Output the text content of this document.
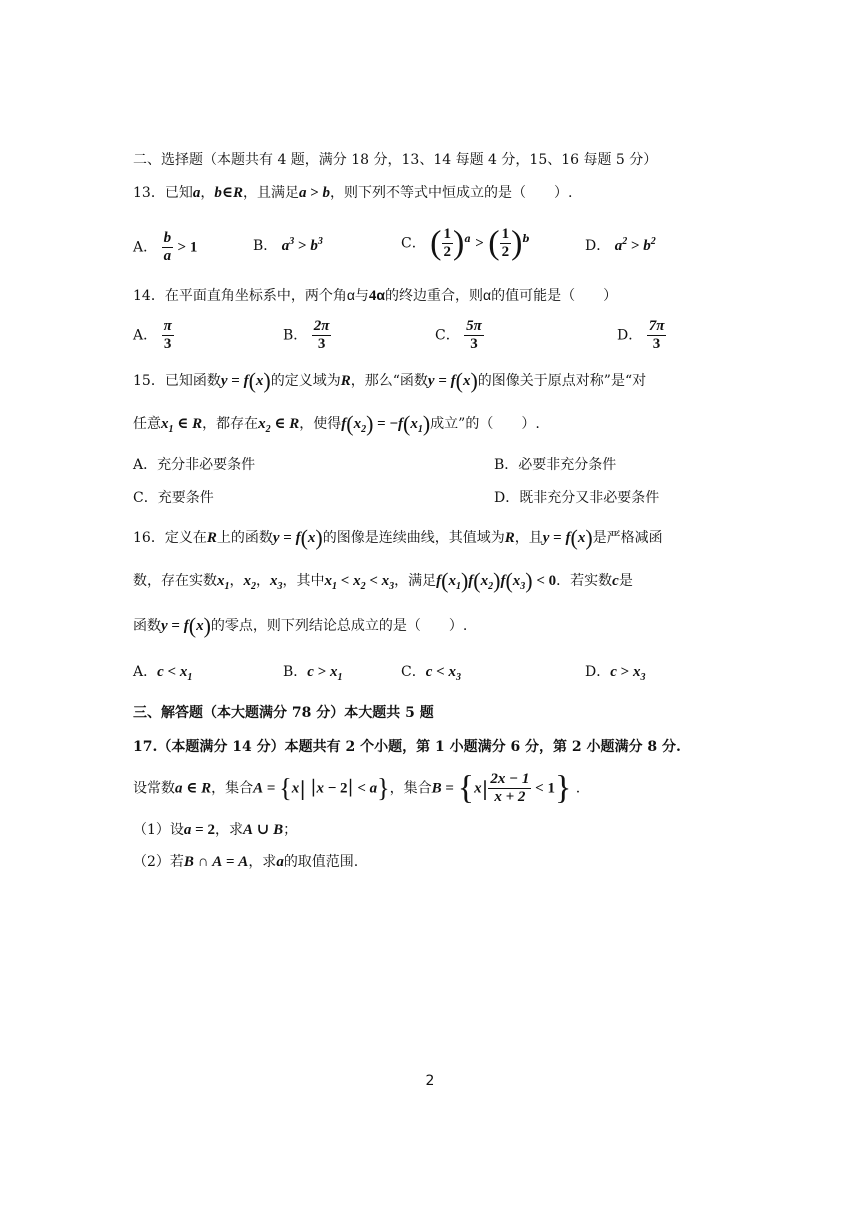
二、选择题（本题共有 4 题，满分 18 分，13、14 每题 4 分，15、16 每题 5 分）
13．已知a，b∈R，且满足a > b，则下列不等式中恒成立的是（　　）.
A． $\frac{b}{a} > 1$	B． $a^3 > b^3$	C． ( $\frac{1}{2} )^a$ > ( $\frac{1}{2} )^b$	D． $a^2 > b^2$
14．在平面直角坐标系中，两个角α与4α的终边重合，则α的值可能是（　　）
A． $\frac{\pi}{3}$	B． $\frac{2\pi}{3}$	C． $\frac{5\pi}{3}$	D． $\frac{7\pi}{3}$
15．已知函数y = f(x)的定义域为R，那么“函数y = f(x)的图像关于原点对称”是“对
任意$x_1$ ∈ R，都存在$x_2$ ∈ R，使得$f(x_2) = -f(x_1)$成立”的（　　）.
A．充分非必要条件	B．必要非充分条件
C．充要条件	D．既非充分又非必要条件
16．定义在R上的函数y = f(x)的图像是连续曲线，其值域为R，且y = f(x)是严格减函
数，存在实数$x_1$，$x_2$，$x_3$，其中$x_1 < x_2 < x_3$，满足$f(x_1)f(x_2)f(x_3) < 0$．若实数c是
函数y = f(x)的零点，则下列结论总成立的是（　　）.
A．$c < x_1$	B．$c > x_1$	C．$c < x_3$	D．$c > x_3$
三、解答题（本大题满分 78 分）本大题共 5 题
17.（本题满分 14 分）本题共有 2 个小题，第 1 小题满分 6 分，第 2 小题满分 8 分.
设常数a ∈ R，集合A = {x| |x − 2| < a}，集合$B = \{x| \frac{2x - 1}{x + 2} < 1\}$ .
（1）设a = 2，求A ∪ B；
（2）若B ∩ A = A，求a的取值范围.
2
